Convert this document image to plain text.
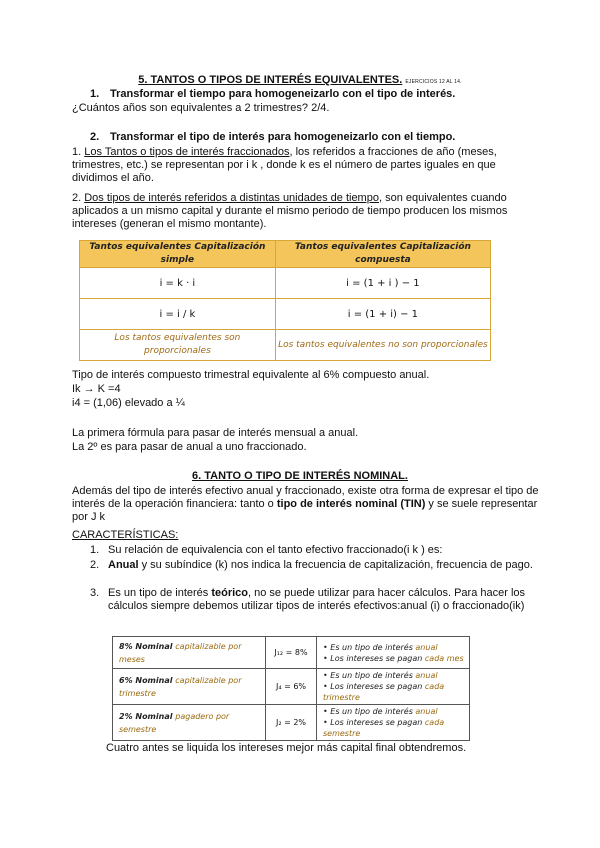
5. TANTOS O TIPOS DE INTERÉS EQUIVALENTES. EJERCICIOS 12 AL 14.
1. Transformar el tiempo para homogeneizarlo con el tipo de interés.
¿Cuántos años son equivalentes a 2 trimestres? 2/4.
2. Transformar el tipo de interés para homogeneizarlo con el tiempo.
1. Los Tantos o tipos de interés fraccionados, los referidos a fracciones de año (meses, trimestres, etc.) se representan por i k , donde k es el número de partes iguales en que dividimos el año.
2. Dos tipos de interés referidos a distintas unidades de tiempo, son equivalentes cuando aplicados a un mismo capital y durante el mismo periodo de tiempo producen los mismos intereses (generan el mismo montante).
Tantos equivalentes Capitalización simple	Tantos equivalentes Capitalización compuesta
i = k · i	i = (1 + i ) − 1
i = i / k	i = (1 + i) − 1
Los tantos equivalentes son proporcionales	Los tantos equivalentes no son proporcionales
Tipo de interés compuesto trimestral equivalente al 6% compuesto anual.
Ik → K =4
i4 = (1,06) elevado a ¼
La primera fórmula para pasar de interés mensual a anual.
La 2º es para pasar de anual a uno fraccionado.
6. TANTO O TIPO DE INTERÉS NOMINAL.
Además del tipo de interés efectivo anual y fraccionado, existe otra forma de expresar el tipo de interés de la operación financiera: tanto o tipo de interés nominal (TIN) y se suele representar por J k
CARACTERÍSTICAS:
1. Su relación de equivalencia con el tanto efectivo fraccionado(i k ) es:
2. Anual y su subíndice (k) nos indica la frecuencia de capitalización, frecuencia de pago.
3. Es un tipo de interés teórico, no se puede utilizar para hacer cálculos. Para hacer los cálculos siempre debemos utilizar tipos de interés efectivos:anual (i) o fraccionado(ik)
8% Nominal capitalizable por meses	J₁₂ = 8%	• Es un tipo de interés anual
• Los intereses se pagan cada mes
6% Nominal capitalizable por trimestre	J₄ = 6%	• Es un tipo de interés anual
• Los intereses se pagan cada trimestre
2% Nominal pagadero por semestre	J₂ = 2%	• Es un tipo de interés anual
• Los intereses se pagan cada semestre
Cuatro antes se liquida los intereses mejor más capital final obtendremos.
